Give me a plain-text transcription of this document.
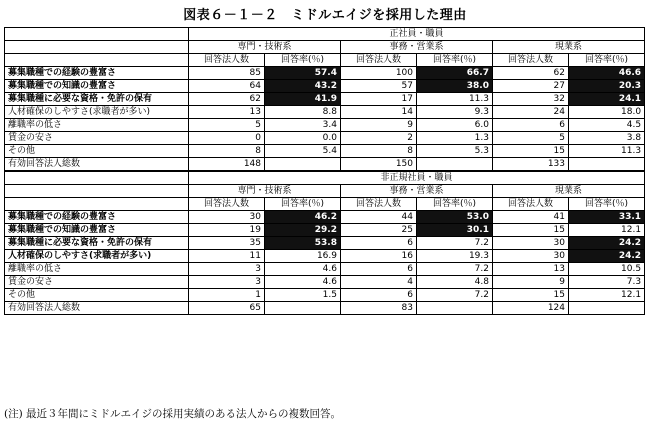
図表６－１－２　ミドルエイジを採用した理由
	正社員・職員					
	専門・技術系		事務・営業系		現業系	
	回答法人数	回答率(％)	回答法人数	回答率(％)	回答法人数	回答率(％)
募集職種での経験の豊富さ	85	57.4	100	66.7	62	46.6
募集職種での知識の豊富さ	64	43.2	57	38.0	27	20.3
募集職種に必要な資格・免許の保有	62	41.9	17	11.3	32	24.1
人材確保のしやすさ(求職者が多い)	13	8.8	14	9.3	24	18.0
離職率の低さ	5	3.4	9	6.0	6	4.5
賃金の安さ	0	0.0	2	1.3	5	3.8
その他	8	5.4	8	5.3	15	11.3
有効回答法人総数	148		150		133	
	非正規社員・職員					
	専門・技術系		事務・営業系		現業系	
	回答法人数	回答率(％)	回答法人数	回答率(％)	回答法人数	回答率(％)
募集職種での経験の豊富さ	30	46.2	44	53.0	41	33.1
募集職種での知識の豊富さ	19	29.2	25	30.1	15	12.1
募集職種に必要な資格・免許の保有	35	53.8	6	7.2	30	24.2
人材確保のしやすさ(求職者が多い)	11	16.9	16	19.3	30	24.2
離職率の低さ	3	4.6	6	7.2	13	10.5
賃金の安さ	3	4.6	4	4.8	9	7.3
その他	1	1.5	6	7.2	15	12.1
有効回答法人総数	65		83		124	
(注) 最近３年間にミドルエイジの採用実績のある法人からの複数回答。
